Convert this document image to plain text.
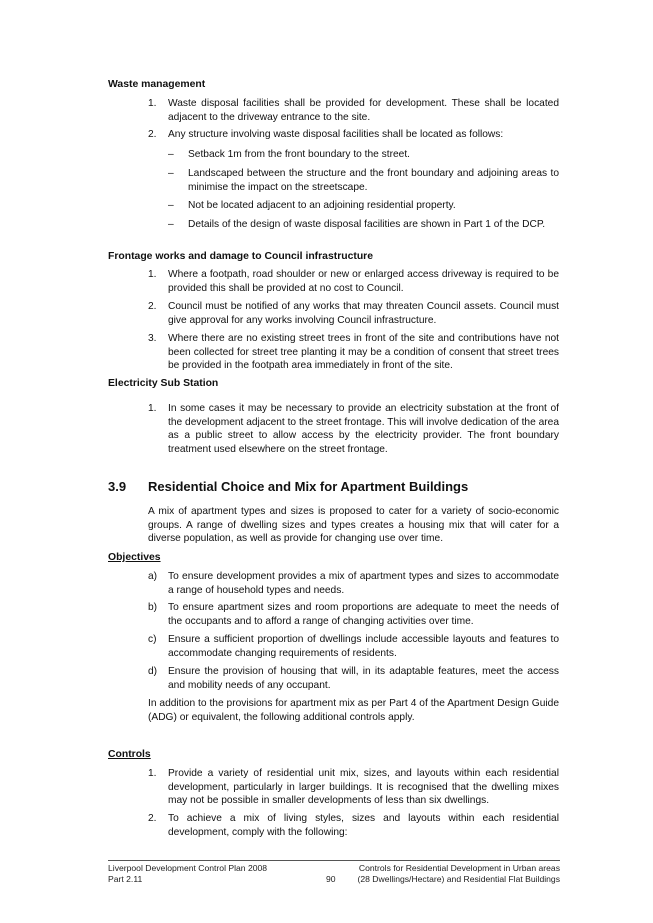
Waste management
1.	Waste disposal facilities shall be provided for development. These shall be located adjacent to the driveway entrance to the site.
2.	Any structure involving waste disposal facilities shall be located as follows:
– Setback 1m from the front boundary to the street.
– Landscaped between the structure and the front boundary and adjoining areas to minimise the impact on the streetscape.
– Not be located adjacent to an adjoining residential property.
– Details of the design of waste disposal facilities are shown in Part 1 of the DCP.
Frontage works and damage to Council infrastructure
1.	Where a footpath, road shoulder or new or enlarged access driveway is required to be provided this shall be provided at no cost to Council.
2.	Council must be notified of any works that may threaten Council assets. Council must give approval for any works involving Council infrastructure.
3.	Where there are no existing street trees in front of the site and contributions have not been collected for street tree planting it may be a condition of consent that street trees be provided in the footpath area immediately in front of the site.
Electricity Sub Station
1.	In some cases it may be necessary to provide an electricity substation at the front of the development adjacent to the street frontage. This will involve dedication of the area as a public street to allow access by the electricity provider. The front boundary treatment used elsewhere on the street frontage.
3.9 Residential Choice and Mix for Apartment Buildings
A mix of apartment types and sizes is proposed to cater for a variety of socio-economic groups. A range of dwelling sizes and types creates a housing mix that will cater for a diverse population, as well as provide for changing use over time.
Objectives
a)	To ensure development provides a mix of apartment types and sizes to accommodate a range of household types and needs.
b)	To ensure apartment sizes and room proportions are adequate to meet the needs of the occupants and to afford a range of changing activities over time.
c)	Ensure a sufficient proportion of dwellings include accessible layouts and features to accommodate changing requirements of residents.
d)	Ensure the provision of housing that will, in its adaptable features, meet the access and mobility needs of any occupant.
In addition to the provisions for apartment mix as per Part 4 of the Apartment Design Guide (ADG) or equivalent, the following additional controls apply.
Controls
1.	Provide a variety of residential unit mix, sizes, and layouts within each residential development, particularly in larger buildings. It is recognised that the dwelling mixes may not be possible in smaller developments of less than six dwellings.
2.	To achieve a mix of living styles, sizes and layouts within each residential development, comply with the following:
Liverpool Development Control Plan 2008
Part 2.11	90
Controls for Residential Development in Urban areas
(28 Dwellings/Hectare) and Residential Flat Buildings
